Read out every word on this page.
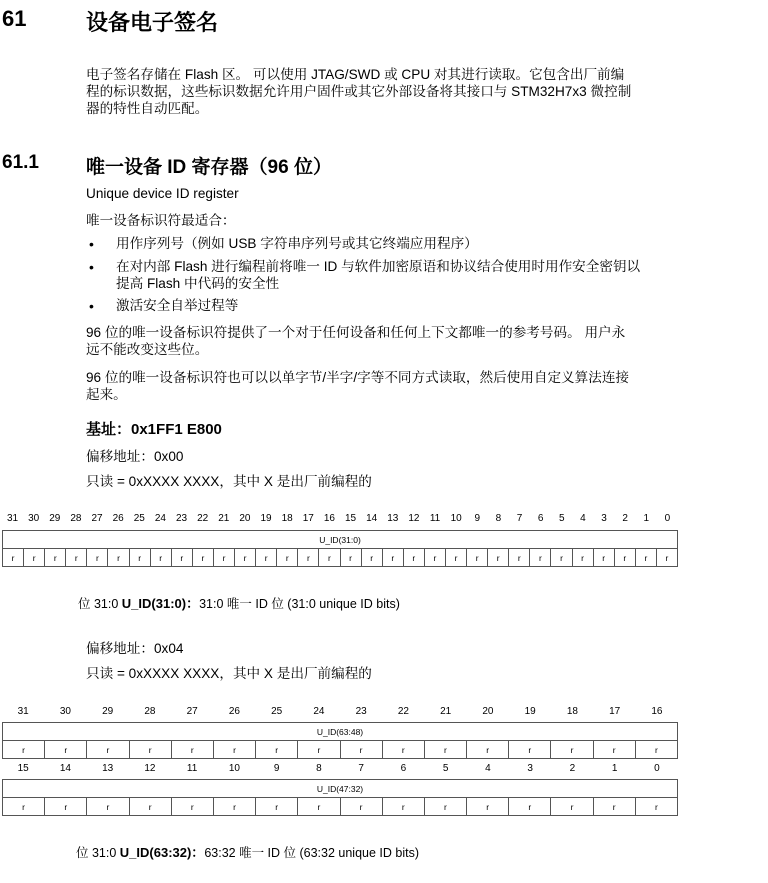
61	设备电子签名
电子签名存储在 Flash 区。 可以使用 JTAG/SWD 或 CPU 对其进行读取。它包含出厂前编
程的标识数据，这些标识数据允许用户固件或其它外部设备将其接口与 STM32H7x3 微控制
器的特性自动匹配。
61.1 唯一设备 ID 寄存器（96 位）
Unique device ID register
唯一设备标识符最适合：
• 用作序列号（例如 USB 字符串序列号或其它终端应用程序）
• 在对内部 Flash 进行编程前将唯一 ID 与软件加密原语和协议结合使用时用作安全密钥以
提高 Flash 中代码的安全性
• 激活安全自举过程等
96 位的唯一设备标识符提供了一个对于任何设备和任何上下文都唯一的参考号码。 用户永
远不能改变这些位。
96 位的唯一设备标识符也可以以单字节/半字/字等不同方式读取，然后使用自定义算法连接
起来。
基址：0x1FF1 E800
偏移地址：0x00
只读 = 0xXXXX XXXX，其中 X 是出厂前编程的
31	30	29	28	27	26	25	24	23	22	21	20	19	18	17	16	15	14	13	12	11	10	9	8	7	6	5	4	3	2	1	0
U_ID(31:0)
r	r	r	r	r	r	r	r	r	r	r	r	r	r	r	r	r	r	r	r	r	r	r	r	r	r	r	r	r	r	r	r
位 31:0 U_ID(31:0)：31:0 唯一 ID 位 (31:0 unique ID bits)
偏移地址：0x04
只读 = 0xXXXX XXXX，其中 X 是出厂前编程的
31	30	29	28	27	26	25	24	23	22	21	20	19	18	17	16
U_ID(63:48)
r	r	r	r	r	r	r	r	r	r	r	r	r	r	r	r
15	14	13	12	11	10	9	8	7	6	5	4	3	2	1	0
U_ID(47:32)
r	r	r	r	r	r	r	r	r	r	r	r	r	r	r	r
位 31:0 U_ID(63:32)：63:32 唯一 ID 位 (63:32 unique ID bits)
